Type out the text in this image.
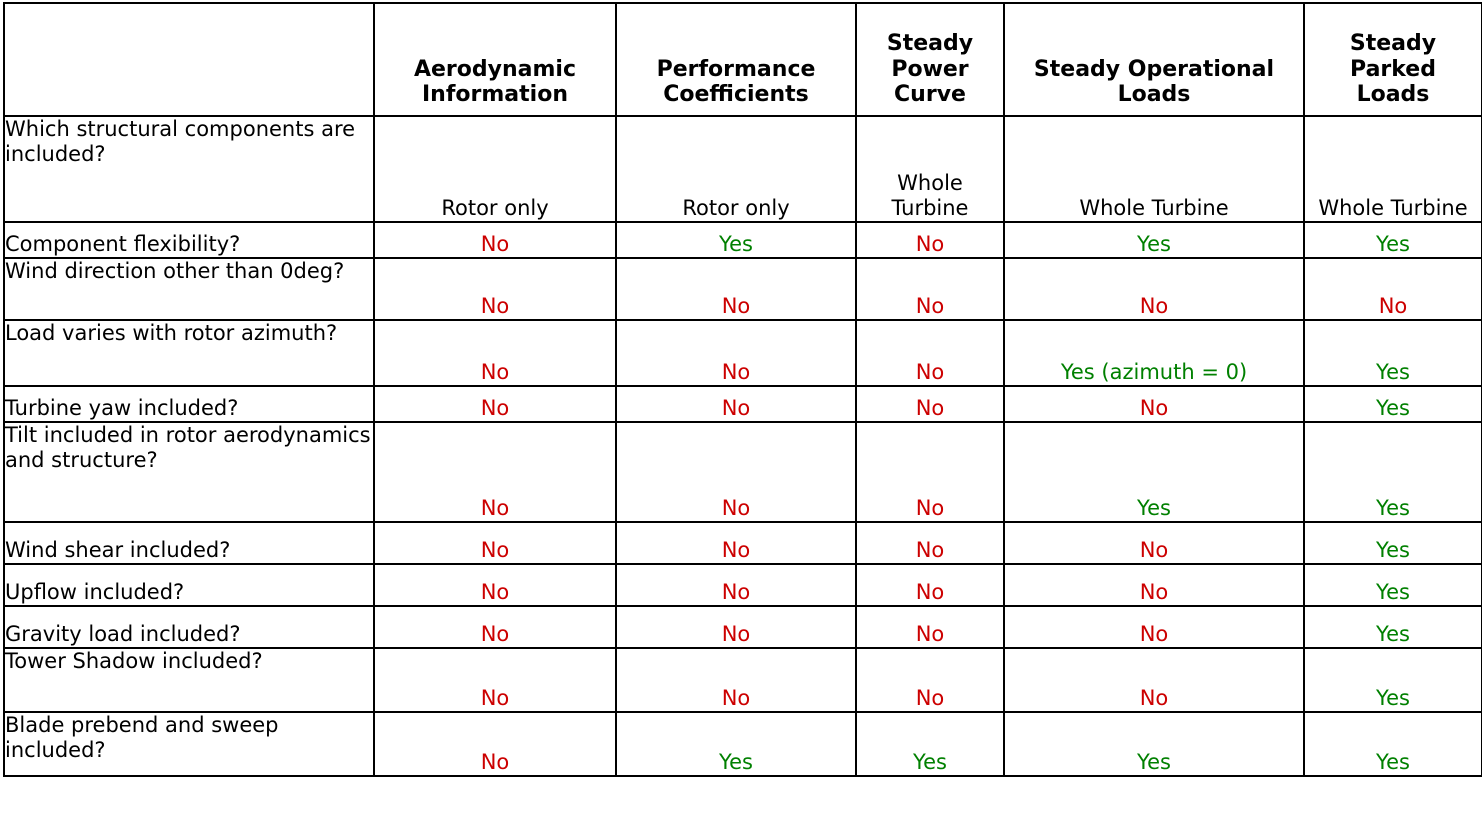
	Aerodynamic Information	Performance Coefficients	Steady Power Curve	Steady Operational Loads	Steady Parked Loads
Which structural components are included?	Rotor only	Rotor only	Whole Turbine	Whole Turbine	Whole Turbine
Component flexibility?	No	Yes	No	Yes	Yes
Wind direction other than 0deg?	No	No	No	No	No
Load varies with rotor azimuth?	No	No	No	Yes (azimuth = 0)	Yes
Turbine yaw included?	No	No	No	No	Yes
Tilt included in rotor aerodynamics and structure?	No	No	No	Yes	Yes
Wind shear included?	No	No	No	No	Yes
Upflow included?	No	No	No	No	Yes
Gravity load included?	No	No	No	No	Yes
Tower Shadow included?	No	No	No	No	Yes
Blade prebend and sweep included?	No	Yes	Yes	Yes	Yes
